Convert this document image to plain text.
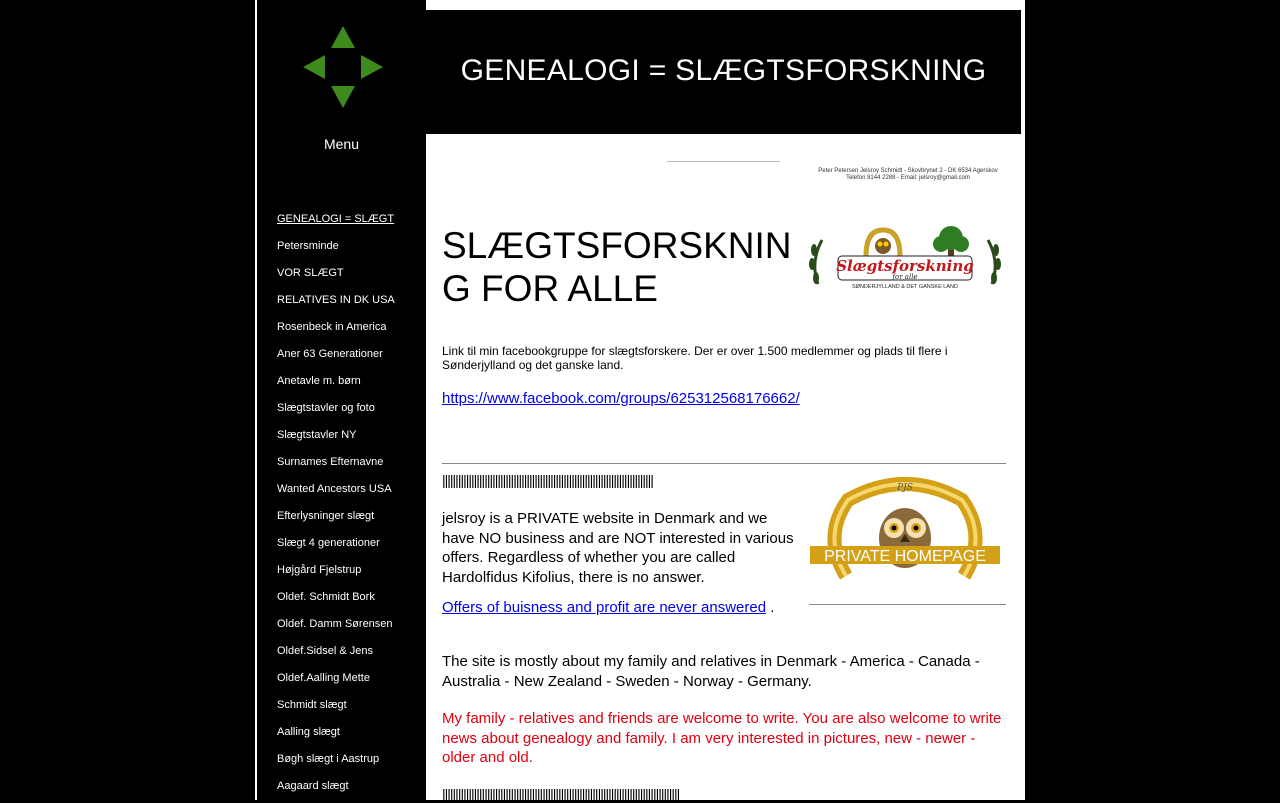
Menu
GENEALOGI = SLÆGT
Petersminde
VOR SLÆGT
RELATIVES IN DK USA
Rosenbeck in America
Aner 63 Generationer
Anetavle m. børn
Slægtstavler og foto
Slægtstavler NY
Surnames Efternavne
Wanted Ancestors USA
Efterlysninger slægt
Slægt 4 generationer
Højgård Fjelstrup
Oldef. Schmidt Bork
Oldef. Damm Sørensen
Oldef.Sidsel & Jens
Oldef.Aalling Mette
Schmidt slægt
Aalling slægt
Bøgh slægt i Aastrup
Aagaard slægt
GENEALOGI = SLÆGTSFORSKNING
Peter Petersen Jelsroy Schmidt - Skovbrynet 2 - DK 6534 Agerskov
Telefon 8144 2288 - Email: jelsroy@gmail.com
SLÆGTSFORSKNING FOR ALLE
Slægtsforskning
for alle
SØNDERJYLLAND & DET GANSKE LAND
Link til min facebookgruppe for slægtsforskere. Der er over 1.500 medlemmer og plads til flere i Sønderjylland og det ganske land.
https://www.facebook.com/groups/625312568176662/
||||||||||||||||||||||||||||||||||||||||||||||||||||||||||||||||||||||||||||||||
jelsroy is a PRIVATE website in Denmark and we have NO business and are NOT interested in various offers. Regardless of whether you are called Hardolfidus Kifolius, there is no answer.
Offers of buisness and profit are never answered .
PJS
PRIVATE HOMEPAGE
The site is mostly about my family and relatives in Denmark - America - Canada - Australia - New Zealand - Sweden - Norway - Germany.
My family - relatives and friends are welcome to write. You are also welcome to write news about genealogy and family. I am very interested in pictures, new - newer - older and old.
||||||||||||||||||||||||||||||||||||||||||||||||||||||||||||||||||||||||||||||||||||||||||
